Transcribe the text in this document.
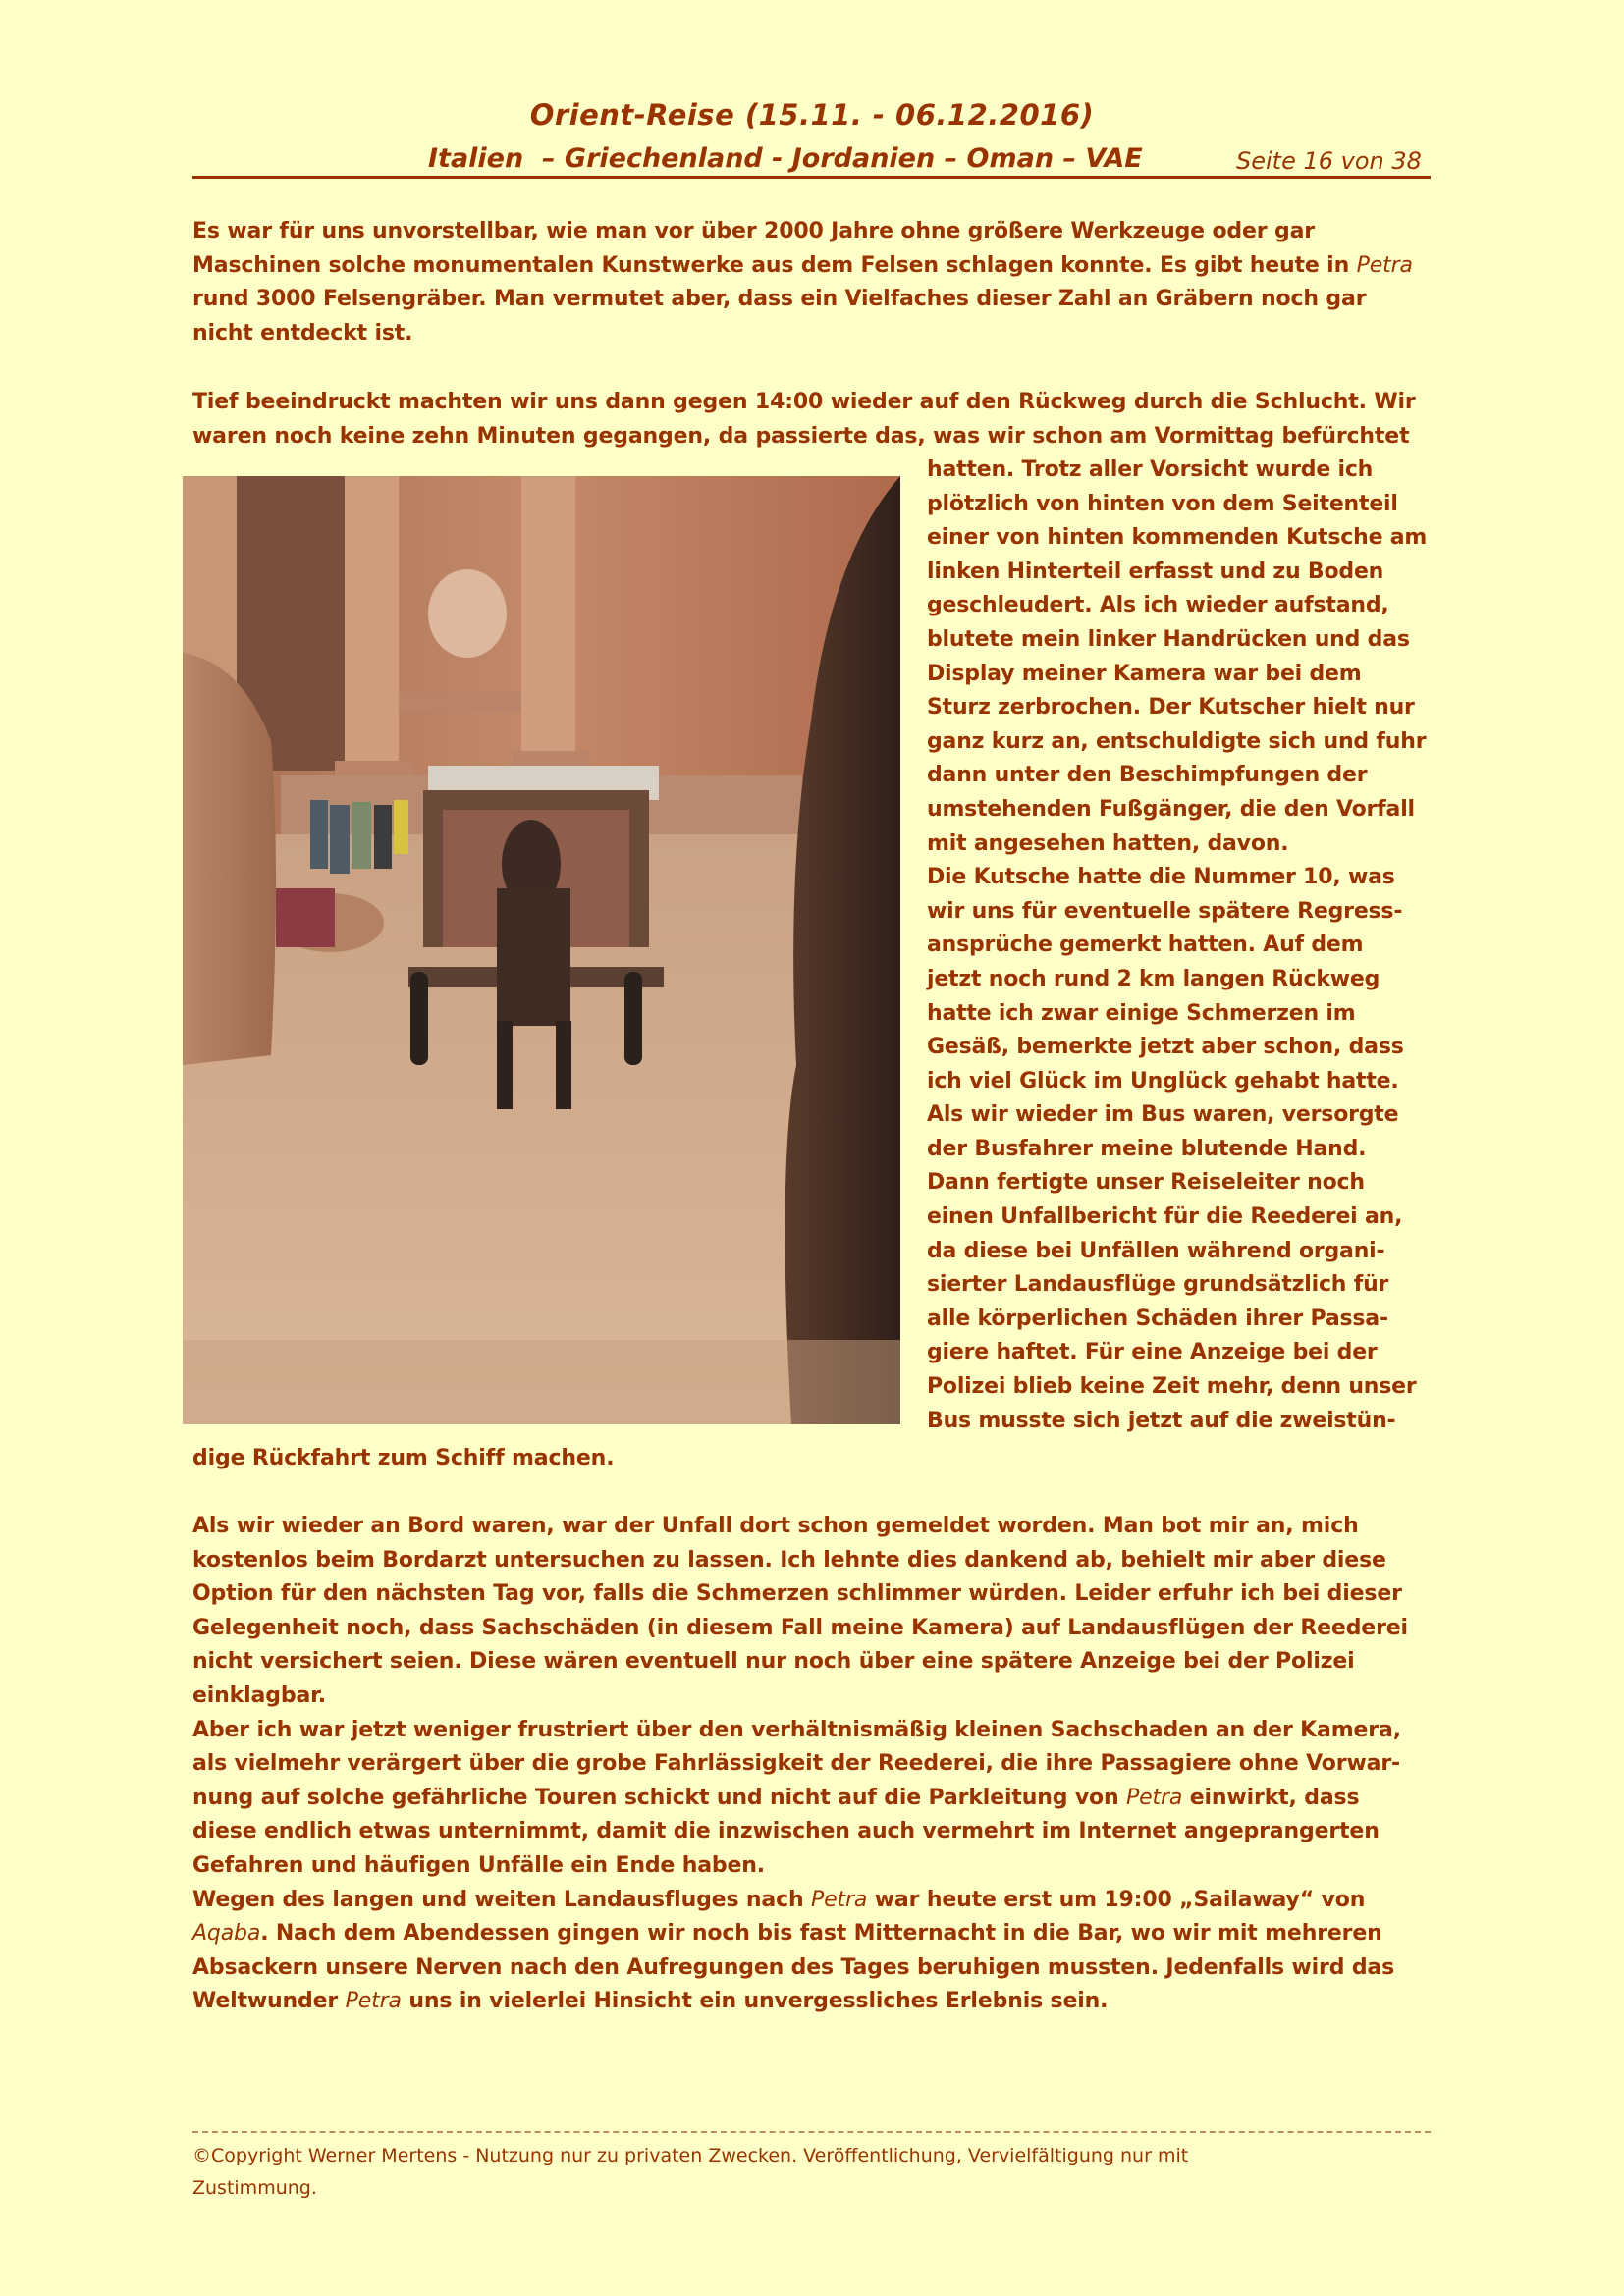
Orient-Reise (15.11. - 06.12.2016)
Italien  – Griechenland - Jordanien – Oman – VAE	Seite 16 von 38
Es war für uns unvorstellbar, wie man vor über 2000 Jahre ohne größere Werkzeuge oder gar
Maschinen solche monumentalen Kunstwerke aus dem Felsen schlagen konnte. Es gibt heute in Petra
rund 3000 Felsengräber. Man vermutet aber, dass ein Vielfaches dieser Zahl an Gräbern noch gar
nicht entdeckt ist.
Tief beeindruckt machten wir uns dann gegen 14:00 wieder auf den Rückweg durch die Schlucht. Wir
waren noch keine zehn Minuten gegangen, da passierte das, was wir schon am Vormittag befürchtet
hatten. Trotz aller Vorsicht wurde ich
plötzlich von hinten von dem Seitenteil
einer von hinten kommenden Kutsche am
linken Hinterteil erfasst und zu Boden
geschleudert. Als ich wieder aufstand,
blutete mein linker Handrücken und das
Display meiner Kamera war bei dem
Sturz zerbrochen. Der Kutscher hielt nur
ganz kurz an, entschuldigte sich und fuhr
dann unter den Beschimpfungen der
umstehenden Fußgänger, die den Vorfall
mit angesehen hatten, davon.
Die Kutsche hatte die Nummer 10, was
wir uns für eventuelle spätere Regress-
ansprüche gemerkt hatten. Auf dem
jetzt noch rund 2 km langen Rückweg
hatte ich zwar einige Schmerzen im
Gesäß, bemerkte jetzt aber schon, dass
ich viel Glück im Unglück gehabt hatte.
Als wir wieder im Bus waren, versorgte
der Busfahrer meine blutende Hand.
Dann fertigte unser Reiseleiter noch
einen Unfallbericht für die Reederei an,
da diese bei Unfällen während organi-
sierter Landausflüge grundsätzlich für
alle körperlichen Schäden ihrer Passa-
giere haftet. Für eine Anzeige bei der
Polizei blieb keine Zeit mehr, denn unser
Bus musste sich jetzt auf die zweistün-
dige Rückfahrt zum Schiff machen.
Als wir wieder an Bord waren, war der Unfall dort schon gemeldet worden. Man bot mir an, mich
kostenlos beim Bordarzt untersuchen zu lassen. Ich lehnte dies dankend ab, behielt mir aber diese
Option für den nächsten Tag vor, falls die Schmerzen schlimmer würden. Leider erfuhr ich bei dieser
Gelegenheit noch, dass Sachschäden (in diesem Fall meine Kamera) auf Landausflügen der Reederei
nicht versichert seien. Diese wären eventuell nur noch über eine spätere Anzeige bei der Polizei
einklagbar.
Aber ich war jetzt weniger frustriert über den verhältnismäßig kleinen Sachschaden an der Kamera,
als vielmehr verärgert über die grobe Fahrlässigkeit der Reederei, die ihre Passagiere ohne Vorwar-
nung auf solche gefährliche Touren schickt und nicht auf die Parkleitung von Petra einwirkt, dass
diese endlich etwas unternimmt, damit die inzwischen auch vermehrt im Internet angeprangerten
Gefahren und häufigen Unfälle ein Ende haben.
Wegen des langen und weiten Landausfluges nach Petra war heute erst um 19:00 „Sailaway“ von
Aqaba. Nach dem Abendessen gingen wir noch bis fast Mitternacht in die Bar, wo wir mit mehreren
Absackern unsere Nerven nach den Aufregungen des Tages beruhigen mussten. Jedenfalls wird das
Weltwunder Petra uns in vielerlei Hinsicht ein unvergessliches Erlebnis sein.
©Copyright Werner Mertens - Nutzung nur zu privaten Zwecken. Veröffentlichung, Vervielfältigung nur mit
Zustimmung.
